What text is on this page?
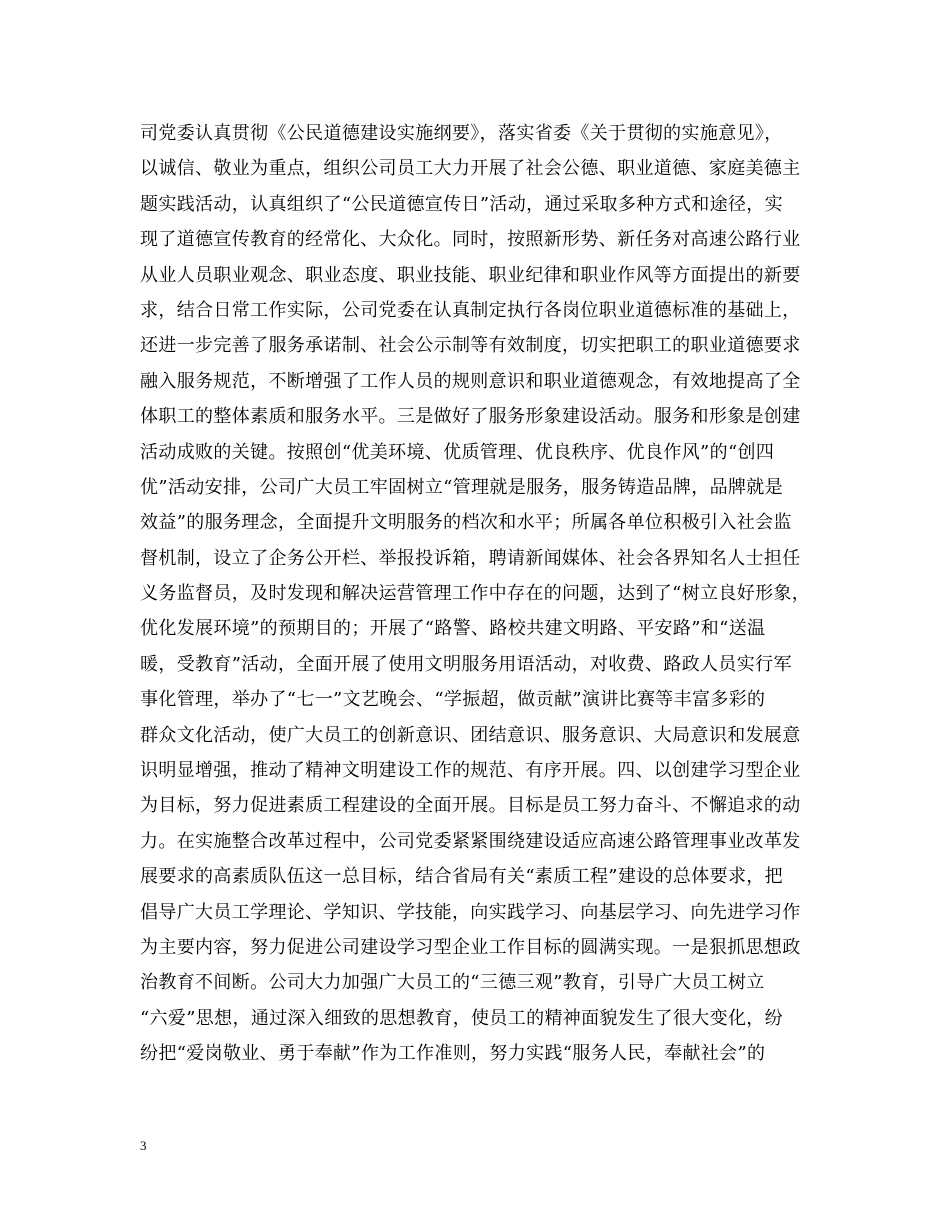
司党委认真贯彻《公民道德建设实施纲要》，落实省委《关于贯彻的实施意见》，
以诚信、敬业为重点，组织公司员工大力开展了社会公德、职业道德、家庭美德主
题实践活动，认真组织了“公民道德宣传日”活动，通过采取多种方式和途径，实
现了道德宣传教育的经常化、大众化。同时，按照新形势、新任务对高速公路行业
从业人员职业观念、职业态度、职业技能、职业纪律和职业作风等方面提出的新要
求，结合日常工作实际，公司党委在认真制定执行各岗位职业道德标准的基础上，
还进一步完善了服务承诺制、社会公示制等有效制度，切实把职工的职业道德要求
融入服务规范，不断增强了工作人员的规则意识和职业道德观念，有效地提高了全
体职工的整体素质和服务水平。三是做好了服务形象建设活动。服务和形象是创建
活动成败的关键。按照创“优美环境、优质管理、优良秩序、优良作风”的“创四
优”活动安排，公司广大员工牢固树立“管理就是服务，服务铸造品牌，品牌就是
效益”的服务理念，全面提升文明服务的档次和水平；所属各单位积极引入社会监
督机制，设立了企务公开栏、举报投诉箱，聘请新闻媒体、社会各界知名人士担任
义务监督员，及时发现和解决运营管理工作中存在的问题，达到了“树立良好形象，
优化发展环境”的预期目的；开展了“路警、路校共建文明路、平安路”和“送温
暖，受教育”活动，全面开展了使用文明服务用语活动，对收费、路政人员实行军
事化管理，举办了“七一”文艺晚会、“学振超，做贡献”演讲比赛等丰富多彩的
群众文化活动，使广大员工的创新意识、团结意识、服务意识、大局意识和发展意
识明显增强，推动了精神文明建设工作的规范、有序开展。四、以创建学习型企业
为目标，努力促进素质工程建设的全面开展。目标是员工努力奋斗、不懈追求的动
力。在实施整合改革过程中，公司党委紧紧围绕建设适应高速公路管理事业改革发
展要求的高素质队伍这一总目标，结合省局有关“素质工程”建设的总体要求，把
倡导广大员工学理论、学知识、学技能，向实践学习、向基层学习、向先进学习作
为主要内容，努力促进公司建设学习型企业工作目标的圆满实现。一是狠抓思想政
治教育不间断。公司大力加强广大员工的“三德三观”教育，引导广大员工树立
“六爱”思想，通过深入细致的思想教育，使员工的精神面貌发生了很大变化，纷
纷把“爱岗敬业、勇于奉献”作为工作准则，努力实践“服务人民，奉献社会”的
3
